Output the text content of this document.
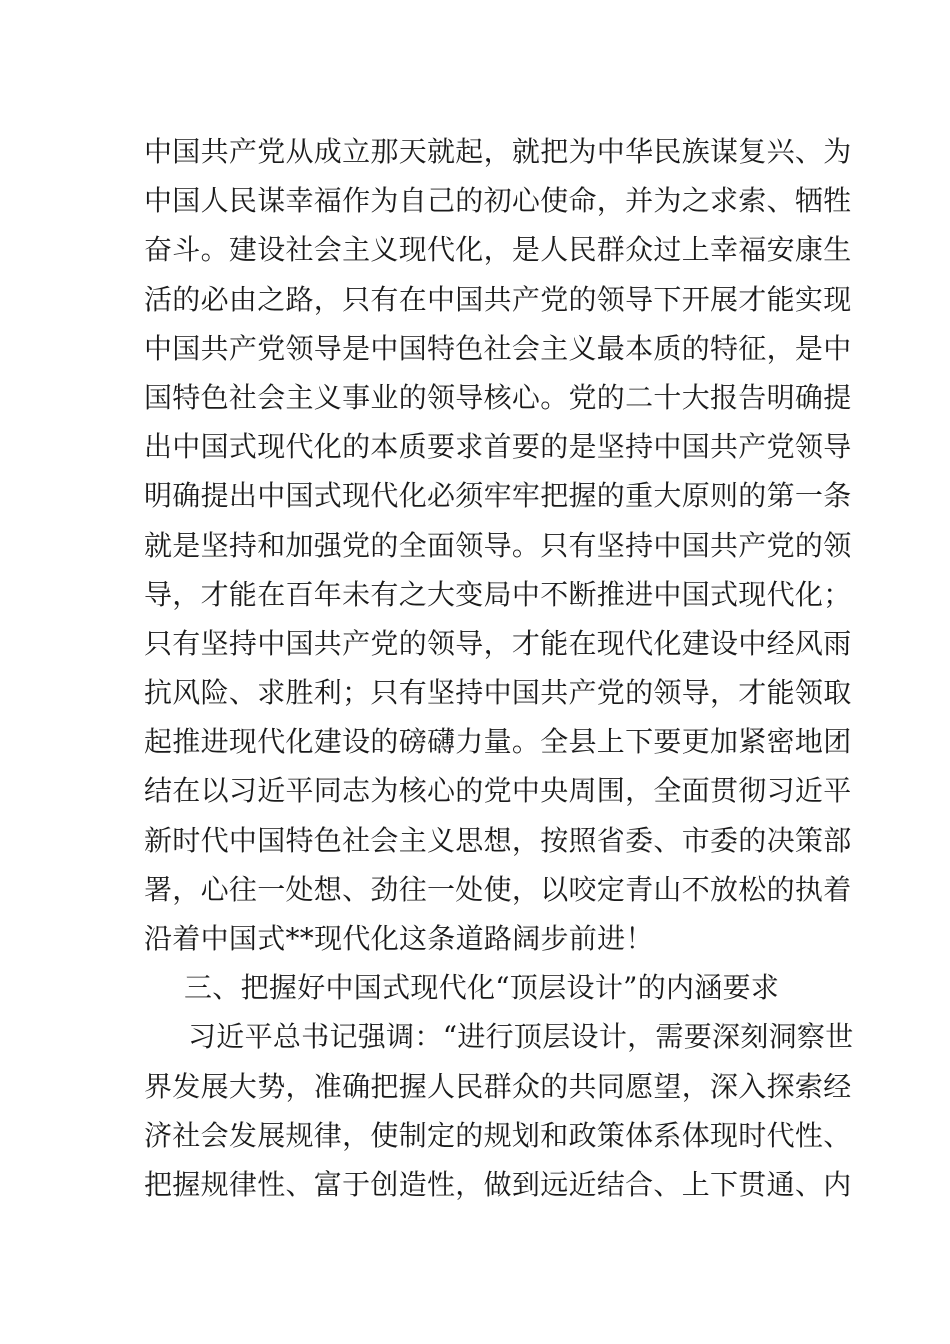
中国共产党从成立那天就起，就把为中华民族谋复兴、为
中国人民谋幸福作为自己的初心使命，并为之求索、牺牲
奋斗。建设社会主义现代化，是人民群众过上幸福安康生
活的必由之路，只有在中国共产党的领导下开展才能实现
中国共产党领导是中国特色社会主义最本质的特征，是中
国特色社会主义事业的领导核心。党的二十大报告明确提
出中国式现代化的本质要求首要的是坚持中国共产党领导
明确提出中国式现代化必须牢牢把握的重大原则的第一条
就是坚持和加强党的全面领导。只有坚持中国共产党的领
导，才能在百年未有之大变局中不断推进中国式现代化；
只有坚持中国共产党的领导，才能在现代化建设中经风雨
抗风险、求胜利；只有坚持中国共产党的领导，才能领取
起推进现代化建设的磅礴力量。全县上下要更加紧密地团
结在以习近平同志为核心的党中央周围，全面贯彻习近平
新时代中国特色社会主义思想，按照省委、市委的决策部
署，心往一处想、劲往一处使，以咬定青山不放松的执着
沿着中国式**现代化这条道路阔步前进！
三、把握好中国式现代化“顶层设计”的内涵要求
习近平总书记强调：“进行顶层设计，需要深刻洞察世
界发展大势，准确把握人民群众的共同愿望，深入探索经
济社会发展规律，使制定的规划和政策体系体现时代性、
把握规律性、富于创造性，做到远近结合、上下贯通、内
